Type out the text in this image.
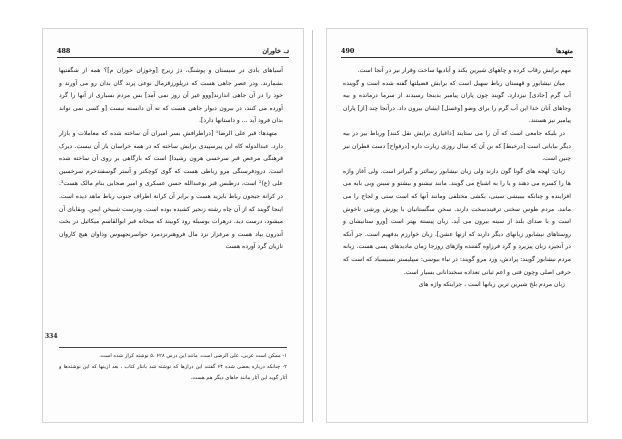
تـ. خاوران
488

آسیاهای بادی در سیستان و پوشنگ، دژ زیرج [وخوزان خوزان م]؟ همه از شگفتیها بشمارند. ودر عصر جاهی هست که درپلورزقزمال نوعی پرند گان بدان رو می آورند و خود را در آن جاهی اندازند[ووو غیر آن روز نمی آمد] بس مردم بسیاری از آنها را گرد آورده می کنند، در بیرون دیوار جاهی هست که ته آن دانسته نیست [و کسی نمی تواند بدان فرود آید ... و داستانها دارد].

متهدها: قبر علی الرضا¹ [دراطرافش بسر امیران آن ساخته شده که معاملات و بازار دارد. عبدالدوله کاه این پیرسپیدی برایش ساخته که در همه خراسان باز آن نیست. دیرک فرهنگی مرعص قبر سرخسی هرون رشیدا] است که بازگاهی بر روی آن ساخته شده است. درودفرسنگی مرو رباطی هست که گوی کوچکتر و آستر گوسفندخرم سرخسین علی (ع)² است، درطبس قبر بوعبدالله حسن عسکری و امیر صحابی بنام مالک هست³. در کرانة جیحون رباط بایزید هست و برابر آن کرانة اطراف جنوب رباط ماهد دیده است. اینجا گویند که از آن چاه رشته زنجیر کشیده بوده است. ودرست شبیخن ایمن. وبقایای آن میشود، درست دید. درهرات بوسیلة رود کوبیند که میخانه قبر ابوالقاسم میکائیل در بخت آندرون بیاد هست و مرغزار نزد مال فروهنرنزدمرد حواسرنجهیوس وذاوان هیچ کاروان تازیان گرد آورده هست

334

۱- ممکن است عربی، علی الرضی است. مانند این درس ۶۲۸ ،۵ نوشته کراز شده است.

۲- چنانکه درباره بعضی شده ۶۴ گفتند این درازها که نوشته شد بانتار کتاب ، بعد ازینها که این نوشته‌ها و آثار گوید این آثار مانند جاهای دیگر هم هست.

متهدها
490

مهم برایش رقاب کرده و چاههای شیرین بکند و آبادیها ساخت وقرار نیز در آنجا است.

میان نیشابور و قهستان رباط سهیل است که برایش فضیلتها گفته شده است و گوینده آب گرم [جادی] نیزدارد. گویند چون پاران پیامبر بدینجا رسیدند از سرما درمانده و بیه وجاهای آنان خدا این آب گرم را برای وضو [وغسل] ایشان بیرون داد. درآنجا چند [از] پاران پیامبر نیز هستند.

در بلیکه جامعی است که آن را می ستایند [داغیاری برایش نقل کنند] ورباط بیر در بیه دیگر بیابانی است [درخبط] که بن آن که سال روزی زیارت داره [درفواح] دست قطران نیز چنین است.

زبان: لهجه های گونا گون دارند ولی زبان نیشابور رسائتر و گیراتر است. ولی آغاز واژه ها را کسره می دهند و یا را به اشباع می گویند. مانند تیشنو و بیشتو و سینن وبی بایه می افزاینده و چنانکه بیبیشی سینی، بکشی مختلفی ومانند آنها که است ستی و لجاج را می مانند. مردم طوس سخنی ترفیندسخت دارند. سخن سگستانیان با پوزش ورشی ناخوش است و با صدای بلند از سینه بیرون می آید. زبان پیستة بهتر است [ورو ستانیشان و روستاهای نیشابور زبانهای دیگر دارند که ازنها عشن]. زبان خوارزم بدفهیم است. جز آنکه در آنجیرد زبان پیزیرد و گرد فرزاوه گفتنده واژهای روزجا زمان مادیدهای پسی هست. زبانه مردم نیشابور گویند: پرادش، ورد مرو گویند: در نیاء بیوسی: سپلیستر بسیسیاد که است که حرفی اصلی وچون فتی و اعم ثیانی تعداده سخندانانی بسیار است.

زبان مردم بلخ شیرین ترین زبانها است ، جزاینکه واژه های
